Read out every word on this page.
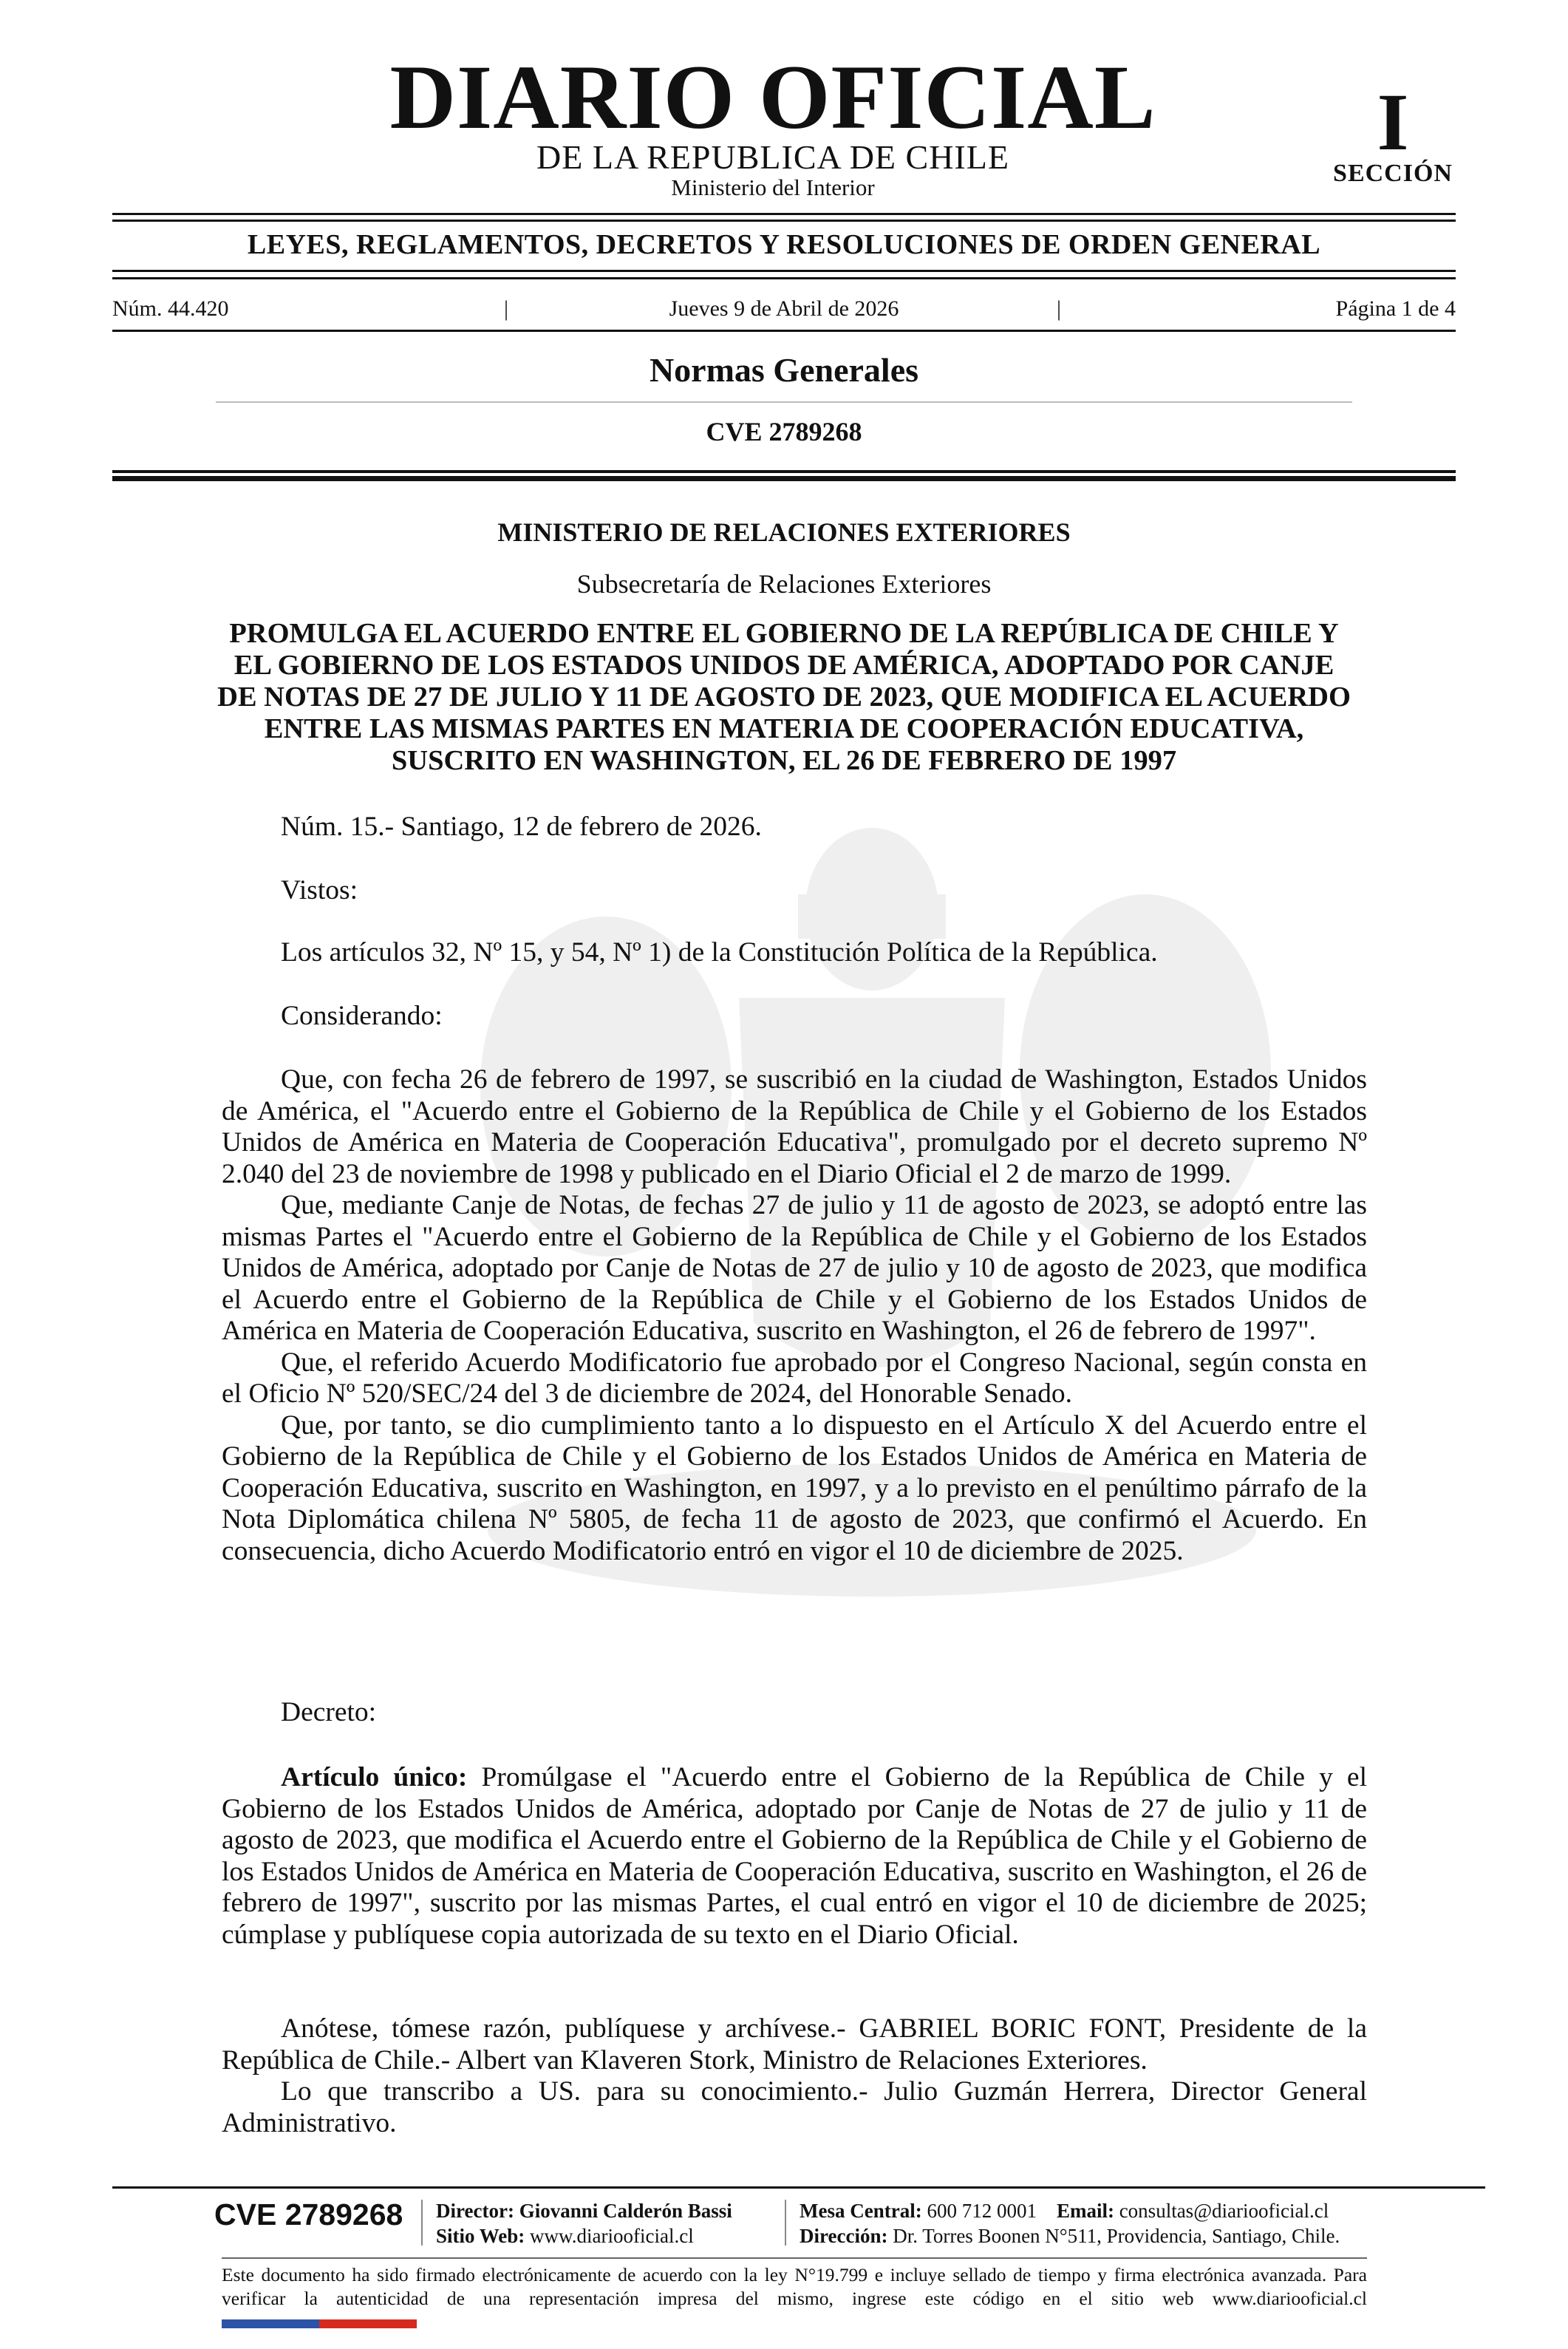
DIARIO OFICIAL
DE LA REPUBLICA DE CHILE
Ministerio del Interior
I
SECCIÓN
LEYES, REGLAMENTOS, DECRETOS Y RESOLUCIONES DE ORDEN GENERAL
Núm. 44.420	|	Jueves 9 de Abril de 2026	|	Página 1 de 4
Normas Generales
CVE 2789268
MINISTERIO DE RELACIONES EXTERIORES
Subsecretaría de Relaciones Exteriores
PROMULGA EL ACUERDO ENTRE EL GOBIERNO DE LA REPÚBLICA DE CHILE Y EL GOBIERNO DE LOS ESTADOS UNIDOS DE AMÉRICA, ADOPTADO POR CANJE DE NOTAS DE 27 DE JULIO Y 11 DE AGOSTO DE 2023, QUE MODIFICA EL ACUERDO ENTRE LAS MISMAS PARTES EN MATERIA DE COOPERACIÓN EDUCATIVA, SUSCRITO EN WASHINGTON, EL 26 DE FEBRERO DE 1997
Núm. 15.- Santiago, 12 de febrero de 2026.
Vistos:
Los artículos 32, Nº 15, y 54, Nº 1) de la Constitución Política de la República.
Considerando:

Que, con fecha 26 de febrero de 1997, se suscribió en la ciudad de Washington, Estados Unidos de América, el "Acuerdo entre el Gobierno de la República de Chile y el Gobierno de los Estados Unidos de América en Materia de Cooperación Educativa", promulgado por el decreto supremo Nº 2.040 del 23 de noviembre de 1998 y publicado en el Diario Oficial el 2 de marzo de 1999.

Que, mediante Canje de Notas, de fechas 27 de julio y 11 de agosto de 2023, se adoptó entre las mismas Partes el "Acuerdo entre el Gobierno de la República de Chile y el Gobierno de los Estados Unidos de América, adoptado por Canje de Notas de 27 de julio y 10 de agosto de 2023, que modifica el Acuerdo entre el Gobierno de la República de Chile y el Gobierno de los Estados Unidos de América en Materia de Cooperación Educativa, suscrito en Washington, el 26 de febrero de 1997".

Que, el referido Acuerdo Modificatorio fue aprobado por el Congreso Nacional, según consta en el Oficio Nº 520/SEC/24 del 3 de diciembre de 2024, del Honorable Senado.

Que, por tanto, se dio cumplimiento tanto a lo dispuesto en el Artículo X del Acuerdo entre el Gobierno de la República de Chile y el Gobierno de los Estados Unidos de América en Materia de Cooperación Educativa, suscrito en Washington, en 1997, y a lo previsto en el penúltimo párrafo de la Nota Diplomática chilena Nº 5805, de fecha 11 de agosto de 2023, que confirmó el Acuerdo. En consecuencia, dicho Acuerdo Modificatorio entró en vigor el 10 de diciembre de 2025.

Decreto:

Artículo único: Promúlgase el "Acuerdo entre el Gobierno de la República de Chile y el Gobierno de los Estados Unidos de América, adoptado por Canje de Notas de 27 de julio y 11 de agosto de 2023, que modifica el Acuerdo entre el Gobierno de la República de Chile y el Gobierno de los Estados Unidos de América en Materia de Cooperación Educativa, suscrito en Washington, el 26 de febrero de 1997", suscrito por las mismas Partes, el cual entró en vigor el 10 de diciembre de 2025; cúmplase y publíquese copia autorizada de su texto en el Diario Oficial.

Anótese, tómese razón, publíquese y archívese.- GABRIEL BORIC FONT, Presidente de la República de Chile.- Albert van Klaveren Stork, Ministro de Relaciones Exteriores.

Lo que transcribo a US. para su conocimiento.- Julio Guzmán Herrera, Director General Administrativo.

CVE 2789268 Director: Giovanni Calderón Bassi
Sitio Web: www.diariooficial.cl
Mesa Central: 600 712 0001 Email: consultas@diariooficial.cl
Dirección: Dr. Torres Boonen N°511, Providencia, Santiago, Chile.
Este documento ha sido firmado electrónicamente de acuerdo con la ley N°19.799 e incluye sellado de tiempo y firma electrónica avanzada. Para verificar la autenticidad de una representación impresa del mismo, ingrese este código en el sitio web www.diariooficial.cl
